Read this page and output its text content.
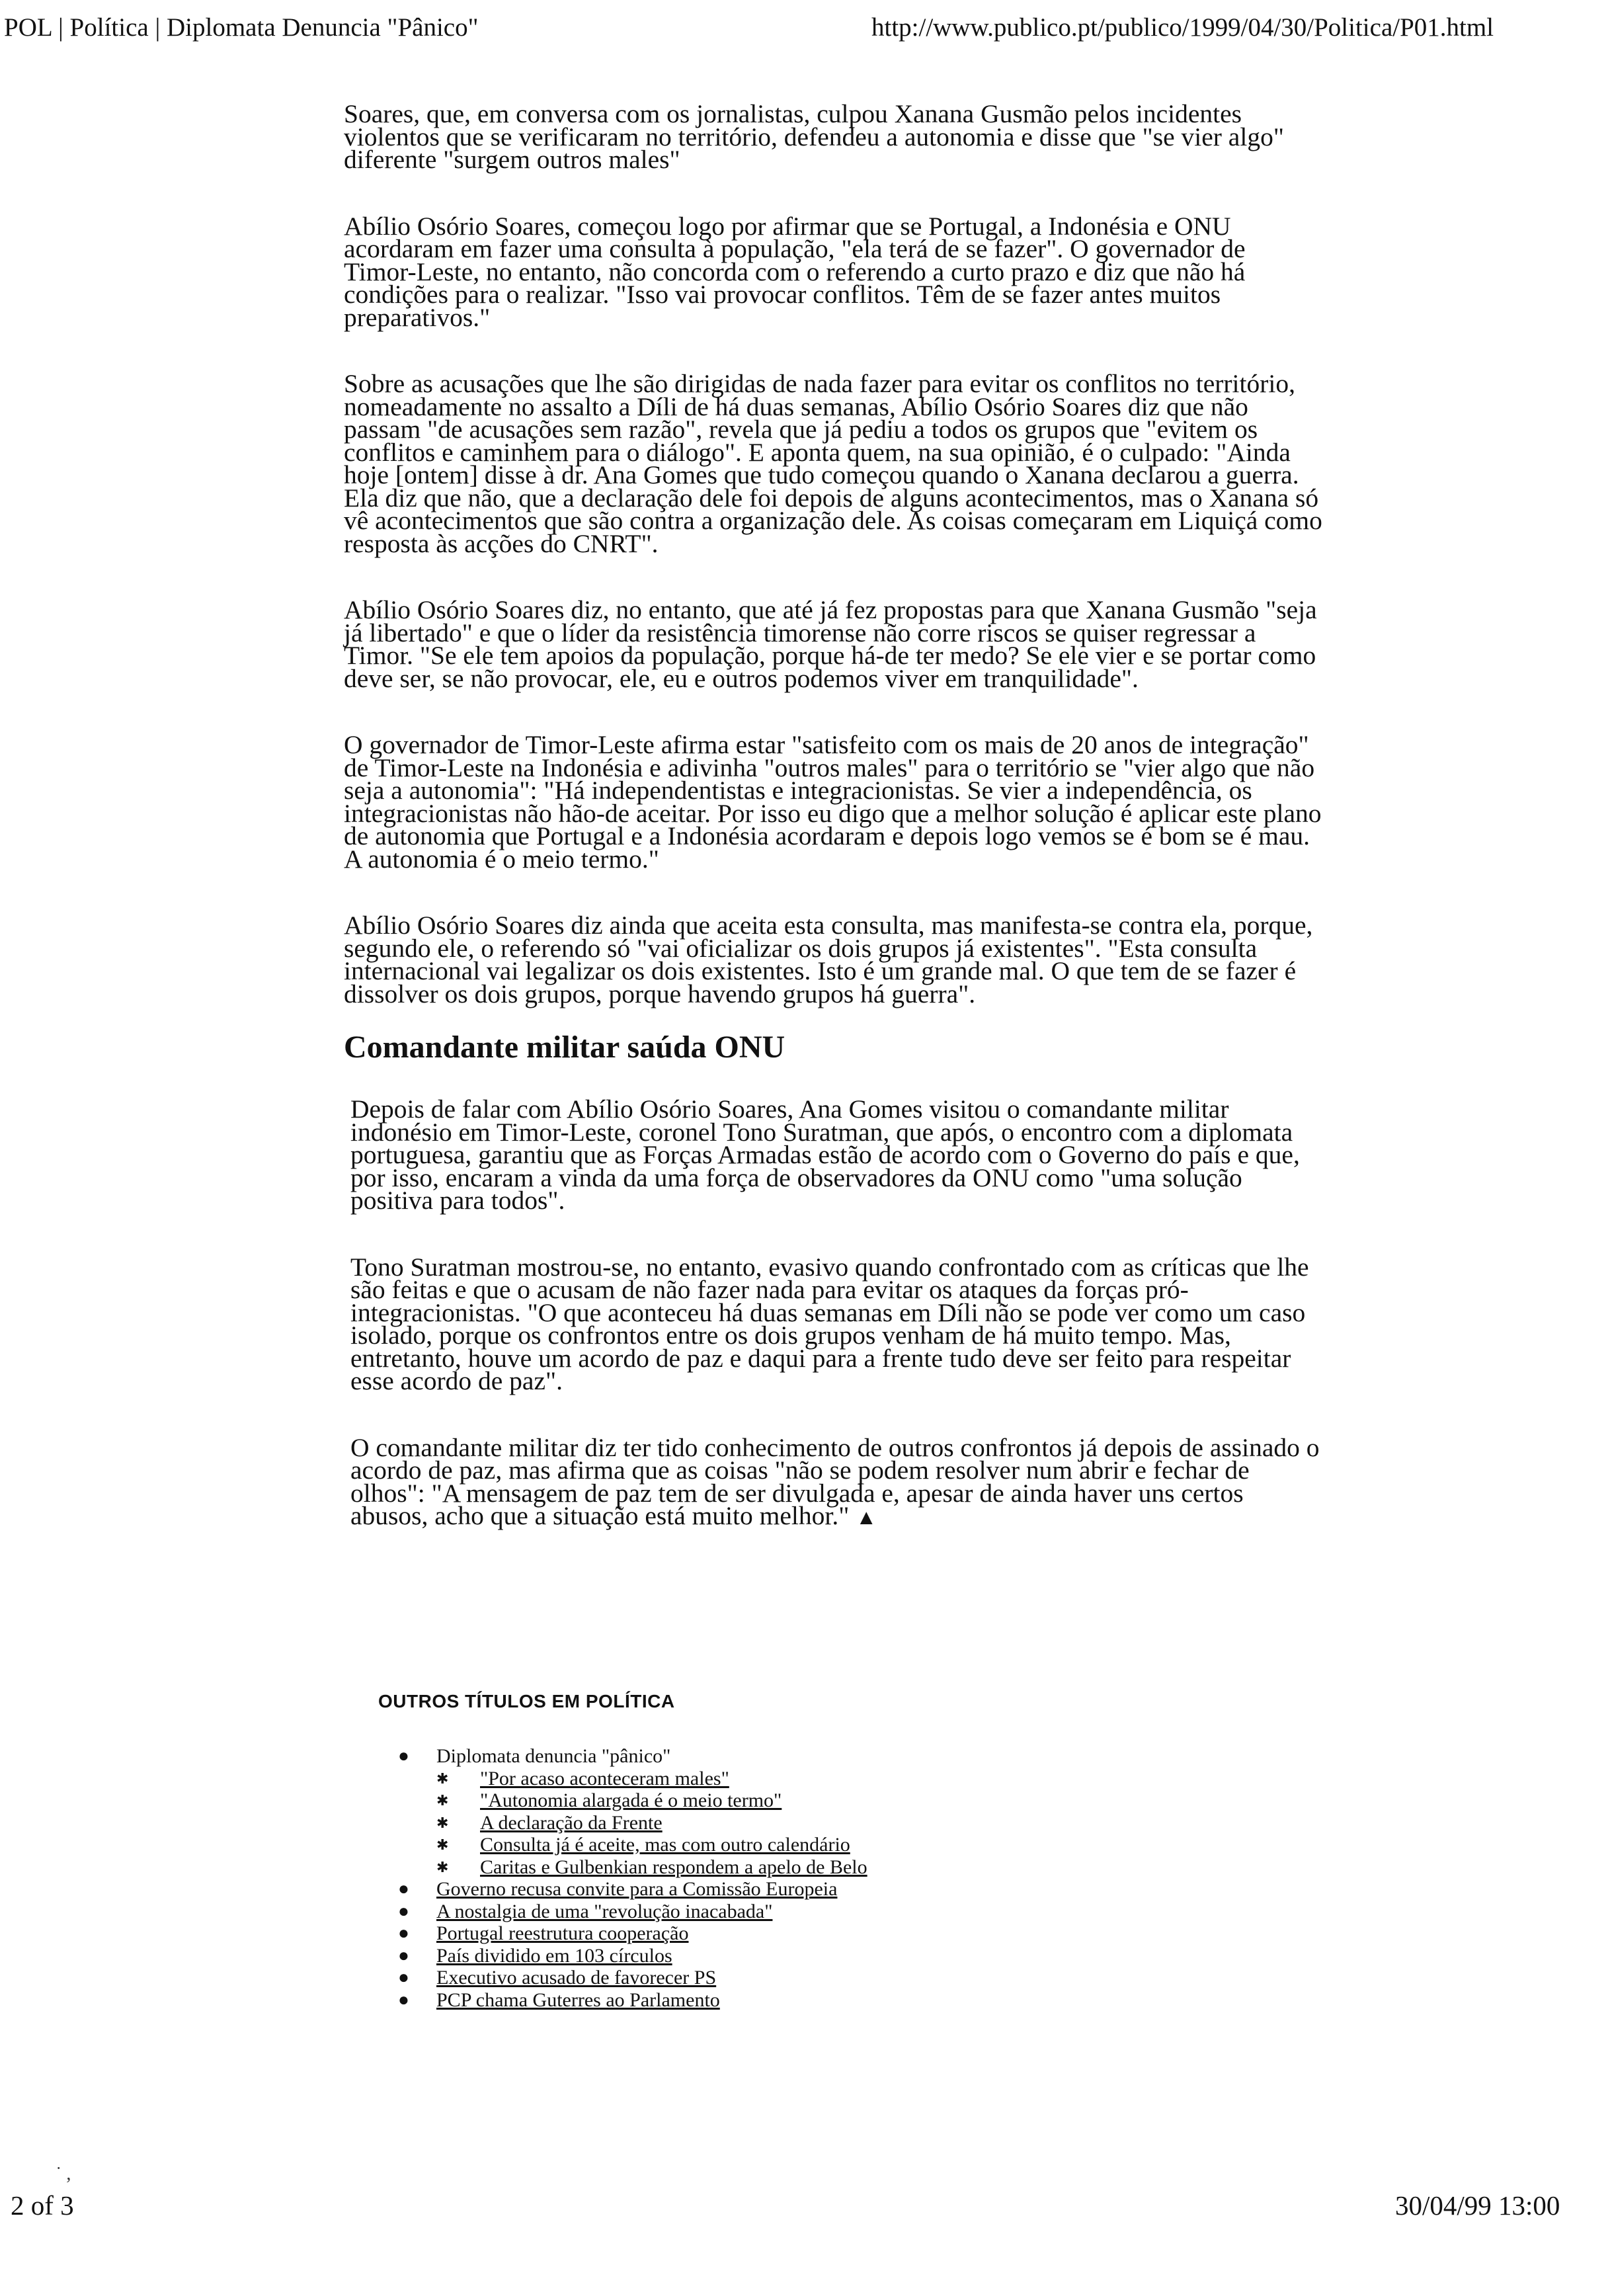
POL | Política | Diplomata Denuncia "Pânico"	http://www.publico.pt/publico/1999/04/30/Politica/P01.html

Soares, que, em conversa com os jornalistas, culpou Xanana Gusmão pelos incidentes violentos que se verificaram no território, defendeu a autonomia e disse que "se vier algo" diferente "surgem outros males"

Abílio Osório Soares, começou logo por afirmar que se Portugal, a Indonésia e ONU acordaram em fazer uma consulta à população, "ela terá de se fazer". O governador de Timor-Leste, no entanto, não concorda com o referendo a curto prazo e diz que não há condições para o realizar. "Isso vai provocar conflitos. Têm de se fazer antes muitos preparativos."

Sobre as acusações que lhe são dirigidas de nada fazer para evitar os conflitos no território, nomeadamente no assalto a Díli de há duas semanas, Abílio Osório Soares diz que não passam "de acusações sem razão", revela que já pediu a todos os grupos que "evitem os conflitos e caminhem para o diálogo". E aponta quem, na sua opinião, é o culpado: "Ainda hoje [ontem] disse à dr. Ana Gomes que tudo começou quando o Xanana declarou a guerra. Ela diz que não, que a declaração dele foi depois de alguns acontecimentos, mas o Xanana só vê acontecimentos que são contra a organização dele. As coisas começaram em Liquiçá como resposta às acções do CNRT".

Abílio Osório Soares diz, no entanto, que até já fez propostas para que Xanana Gusmão "seja já libertado" e que o líder da resistência timorense não corre riscos se quiser regressar a Timor. "Se ele tem apoios da população, porque há-de ter medo? Se ele vier e se portar como deve ser, se não provocar, ele, eu e outros podemos viver em tranquilidade".

O governador de Timor-Leste afirma estar "satisfeito com os mais de 20 anos de integração" de Timor-Leste na Indonésia e adivinha "outros males" para o território se "vier algo que não seja a autonomia": "Há independentistas e integracionistas. Se vier a independência, os integracionistas não hão-de aceitar. Por isso eu digo que a melhor solução é aplicar este plano de autonomia que Portugal e a Indonésia acordaram e depois logo vemos se é bom se é mau. A autonomia é o meio termo."

Abílio Osório Soares diz ainda que aceita esta consulta, mas manifesta-se contra ela, porque, segundo ele, o referendo só "vai oficializar os dois grupos já existentes". "Esta consulta internacional vai legalizar os dois existentes. Isto é um grande mal. O que tem de se fazer é dissolver os dois grupos, porque havendo grupos há guerra".

Comandante militar saúda ONU

Depois de falar com Abílio Osório Soares, Ana Gomes visitou o comandante militar indonésio em Timor-Leste, coronel Tono Suratman, que após, o encontro com a diplomata portuguesa, garantiu que as Forças Armadas estão de acordo com o Governo do país e que, por isso, encaram a vinda da uma força de observadores da ONU como "uma solução positiva para todos".

Tono Suratman mostrou-se, no entanto, evasivo quando confrontado com as críticas que lhe são feitas e que o acusam de não fazer nada para evitar os ataques da forças pró-integracionistas. "O que aconteceu há duas semanas em Díli não se pode ver como um caso isolado, porque os confrontos entre os dois grupos venham de há muito tempo. Mas, entretanto, houve um acordo de paz e daqui para a frente tudo deve ser feito para respeitar esse acordo de paz".

O comandante militar diz ter tido conhecimento de outros confrontos já depois de assinado o acordo de paz, mas afirma que as coisas "não se podem resolver num abrir e fechar de olhos": "A mensagem de paz tem de ser divulgada e, apesar de ainda haver uns certos abusos, acho que a situação está muito melhor." ▲

OUTROS TÍTULOS EM POLÍTICA
● Diplomata denuncia "pânico"
✱ "Por acaso aconteceram males"
✱ "Autonomia alargada é o meio termo"
✱ A declaração da Frente
✱ Consulta já é aceite, mas com outro calendário
✱ Caritas e Gulbenkian respondem a apelo de Belo
● Governo recusa convite para a Comissão Europeia
● A nostalgia de uma "revolução inacabada"
● Portugal reestrutura cooperação
● País dividido em 103 círculos
● Executivo acusado de favorecer PS
● PCP chama Guterres ao Parlamento
˙ ,
2 of 3	30/04/99 13:00
